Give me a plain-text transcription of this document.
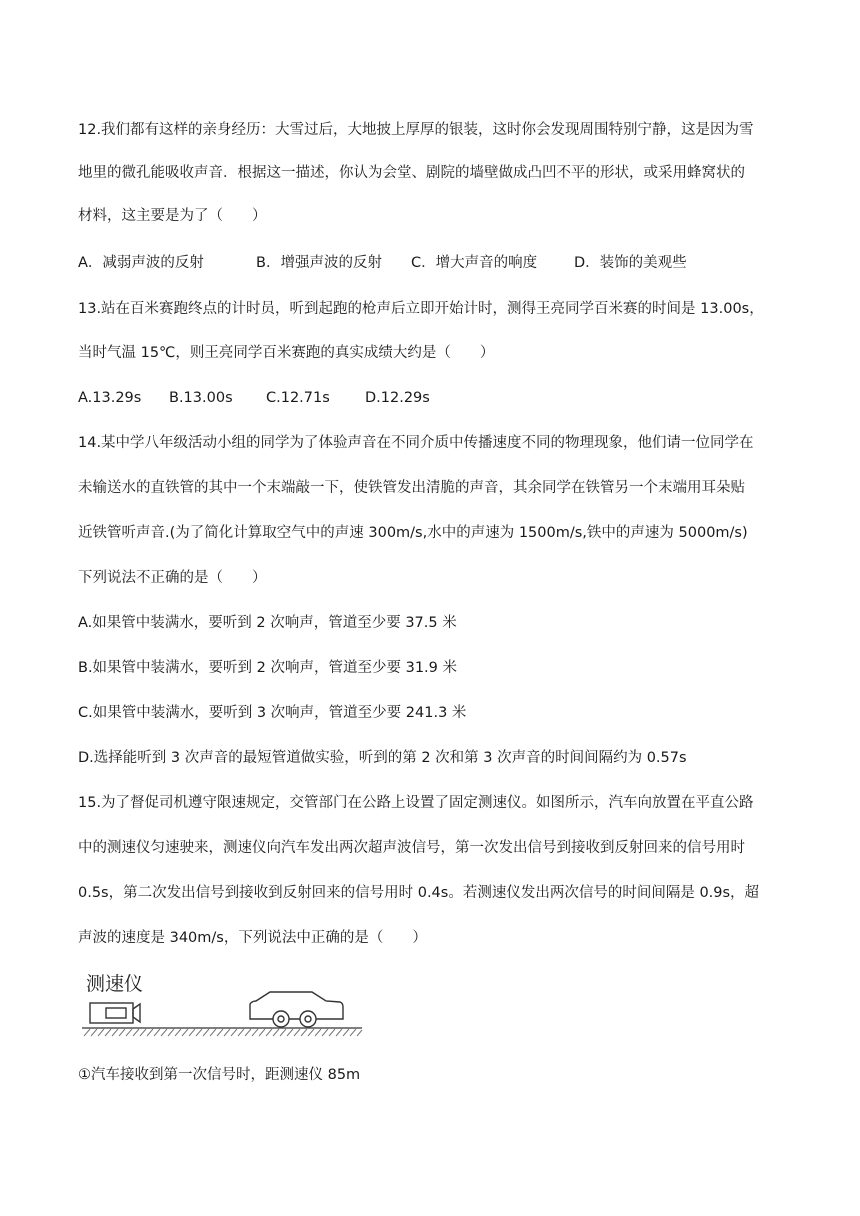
12.我们都有这样的亲身经历：大雪过后，大地披上厚厚的银装，这时你会发现周围特别宁静，这是因为雪
地里的微孔能吸收声音．根据这一描述，你认为会堂、剧院的墙壁做成凸凹不平的形状，或采用蜂窝状的
材料，这主要是为了（　　）
A．减弱声波的反射	B．增强声波的反射 C．增大声音的响度	D．装饰的美观些
13.站在百米赛跑终点的计时员，听到起跑的枪声后立即开始计时，测得王亮同学百米赛的时间是 13.00s，
当时气温 15℃，则王亮同学百米赛跑的真实成绩大约是（　　）
A.13.29s B.13.00s C.12.71s D.12.29s
14.某中学八年级活动小组的同学为了体验声音在不同介质中传播速度不同的物理现象，他们请一位同学在
未输送水的直铁管的其中一个末端敲一下，使铁管发出清脆的声音，其余同学在铁管另一个末端用耳朵贴
近铁管听声音.(为了简化计算取空气中的声速 300m/s,水中的声速为 1500m/s,铁中的声速为 5000m/s)
下列说法不正确的是（　　）
A.如果管中装满水，要听到 2 次响声，管道至少要 37.5 米
B.如果管中装满水，要听到 2 次响声，管道至少要 31.9 米
C.如果管中装满水，要听到 3 次响声，管道至少要 241.3 米
D.选择能听到 3 次声音的最短管道做实验，听到的第 2 次和第 3 次声音的时间间隔约为 0.57s
15.为了督促司机遵守限速规定，交管部门在公路上设置了固定测速仪。如图所示，汽车向放置在平直公路
中的测速仪匀速驶来，测速仪向汽车发出两次超声波信号，第一次发出信号到接收到反射回来的信号用时
0.5s，第二次发出信号到接收到反射回来的信号用时 0.4s。若测速仪发出两次信号的时间间隔是 0.9s，超
声波的速度是 340m/s，下列说法中正确的是（　　）
测速仪
①汽车接收到第一次信号时，距测速仪 85m
